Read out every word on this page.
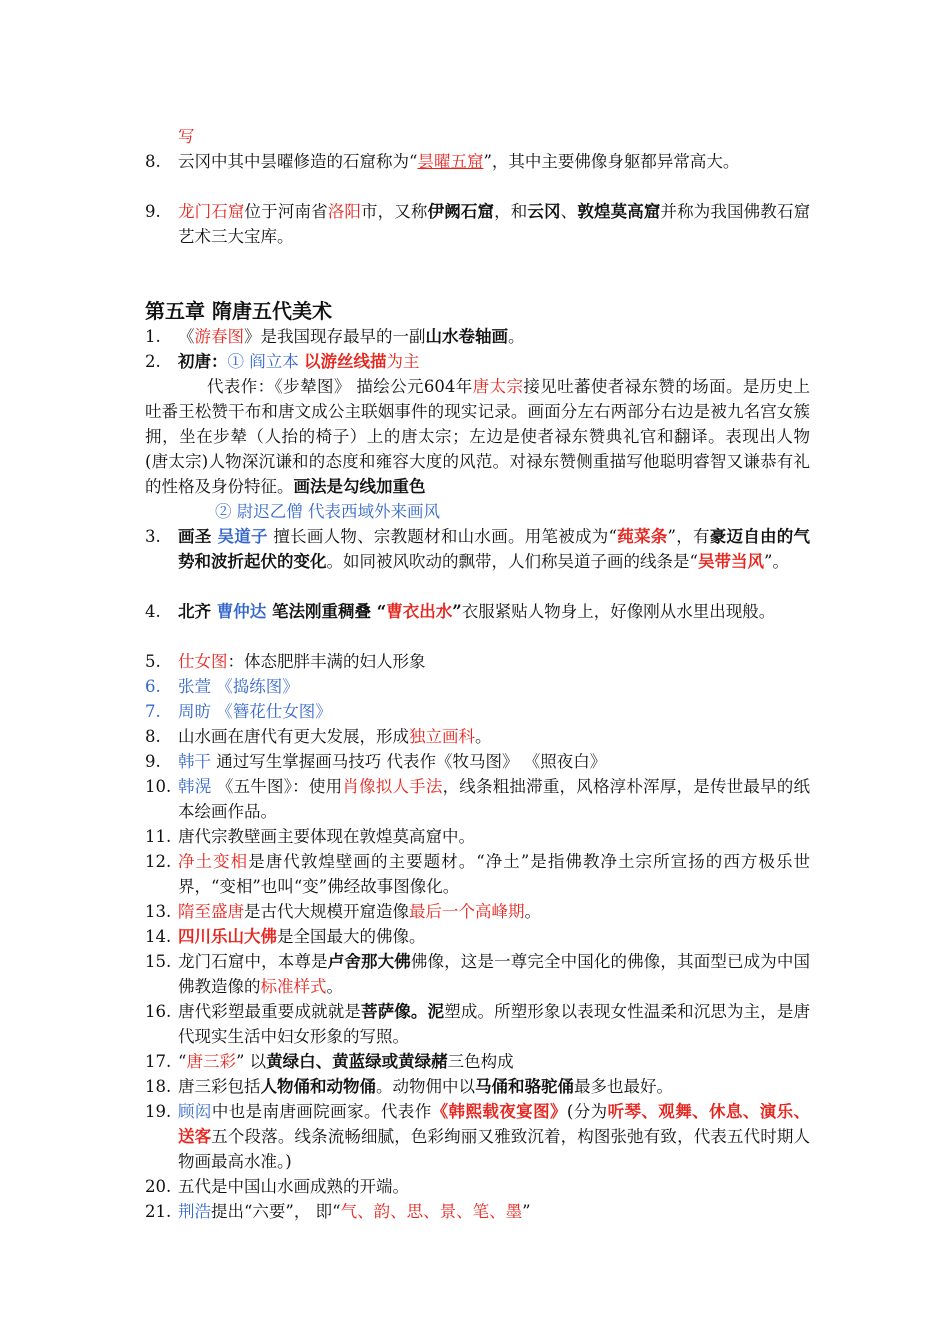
写
8. 云冈中其中昙曜修造的石窟称为“昙曜五窟”，其中主要佛像身躯都异常高大。
9. 龙门石窟位于河南省洛阳市，又称伊阙石窟，和云冈、敦煌莫高窟并称为我国佛教石窟艺术三大宝库。
第五章 隋唐五代美术
1. 《游春图》是我国现存最早的一副山水卷轴画。
2. 初唐：① 阎立本 以游丝线描为主
代表作：《步辇图》 描绘公元604年唐太宗接见吐蕃使者禄东赞的场面。是历史上吐番王松赞干布和唐文成公主联姻事件的现实记录。画面分左右两部分右边是被九名宫女簇拥，坐在步辇（人抬的椅子）上的唐太宗；左边是使者禄东赞典礼官和翻译。表现出人物(唐太宗)人物深沉谦和的态度和雍容大度的风范。对禄东赞侧重描写他聪明睿智又谦恭有礼的性格及身份特征。画法是勾线加重色
② 尉迟乙僧 代表西域外来画风
3. 画圣 吴道子 擅长画人物、宗教题材和山水画。用笔被成为“莼菜条”，有豪迈自由的气势和波折起伏的变化。如同被风吹动的飘带，人们称吴道子画的线条是“吴带当风”。
4. 北齐 曹仲达 笔法刚重稠叠 “曹衣出水”衣服紧贴人物身上，好像刚从水里出现般。
5. 仕女图：体态肥胖丰满的妇人形象
6. 张萱 《捣练图》
7. 周昉 《簪花仕女图》
8. 山水画在唐代有更大发展，形成独立画科。
9. 韩干 通过写生掌握画马技巧 代表作《牧马图》 《照夜白》
10. 韩滉 《五牛图》：使用肖像拟人手法，线条粗拙滞重，风格淳朴浑厚，是传世最早的纸本绘画作品。
11. 唐代宗教壁画主要体现在敦煌莫高窟中。
12. 净土变相是唐代敦煌壁画的主要题材。“净土”是指佛教净土宗所宣扬的西方极乐世界，“变相”也叫“变”佛经故事图像化。
13. 隋至盛唐是古代大规模开窟造像最后一个高峰期。
14. 四川乐山大佛是全国最大的佛像。
15. 龙门石窟中，本尊是卢舍那大佛佛像，这是一尊完全中国化的佛像，其面型已成为中国佛教造像的标准样式。
16. 唐代彩塑最重要成就就是菩萨像。泥塑成。所塑形象以表现女性温柔和沉思为主，是唐代现实生活中妇女形象的写照。
17. “唐三彩” 以黄绿白、黄蓝绿或黄绿赭三色构成
18. 唐三彩包括人物俑和动物俑。动物佣中以马俑和骆驼俑最多也最好。
19. 顾闳中也是南唐画院画家。代表作《韩熙载夜宴图》(分为听琴、观舞、休息、演乐、送客五个段落。线条流畅细腻，色彩绚丽又雅致沉着，构图张弛有致，代表五代时期人物画最高水准。)
20. 五代是中国山水画成熟的开端。
21. 荆浩提出“六要”， 即“气、韵、思、景、笔、墨”
